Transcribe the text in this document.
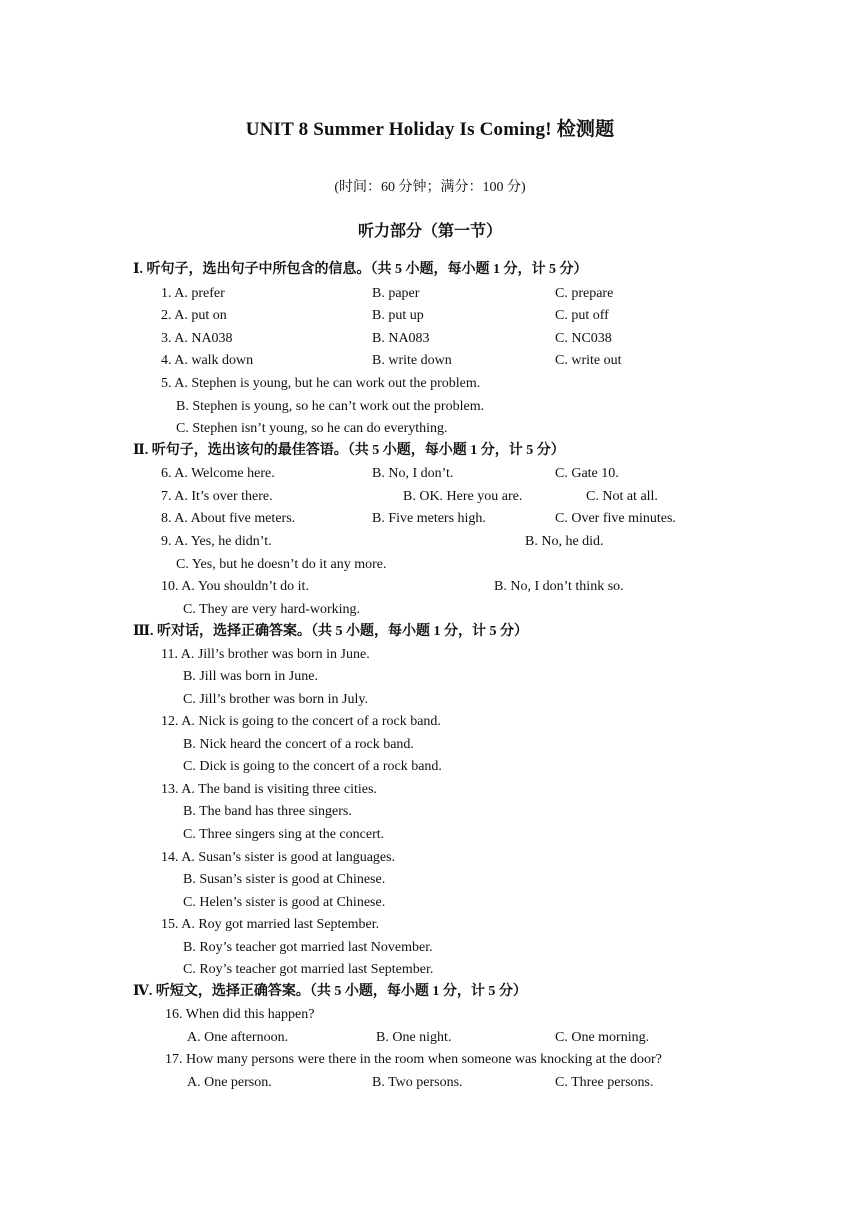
UNIT 8 Summer Holiday Is Coming! 检测题
(时间：60 分钟；满分：100 分)
听力部分（第一节）
Ⅰ. 听句子，选出句子中所包含的信息。（共 5 小题，每小题 1 分，计 5 分）
1. A. prefer	B. paper	C. prepare
2. A. put on	B. put up	C. put off
3. A. NA038	B. NA083	C. NC038
4. A. walk down	B. write down	C. write out
5. A. Stephen is young, but he can work out the problem.
B. Stephen is young, so he can’t work out the problem.
C. Stephen isn’t young, so he can do everything.
Ⅱ. 听句子，选出该句的最佳答语。（共 5 小题，每小题 1 分，计 5 分）
6. A. Welcome here.	B. No, I don’t.	C. Gate 10.
7. A. It’s over there.	B. OK. Here you are.	C. Not at all.
8. A. About five meters.	B. Five meters high.	C. Over five minutes.
9. A. Yes, he didn’t.	B. No, he did.
C. Yes, but he doesn’t do it any more.
10. A. You shouldn’t do it.	B. No, I don’t think so.
C. They are very hard-working.
Ⅲ. 听对话，选择正确答案。（共 5 小题，每小题 1 分，计 5 分）
11. A. Jill’s brother was born in June.
B. Jill was born in June.
C. Jill’s brother was born in July.
12. A. Nick is going to the concert of a rock band.
B. Nick heard the concert of a rock band.
C. Dick is going to the concert of a rock band.
13. A. The band is visiting three cities.
B. The band has three singers.
C. Three singers sing at the concert.
14. A. Susan’s sister is good at languages.
B. Susan’s sister is good at Chinese.
C. Helen’s sister is good at Chinese.
15. A. Roy got married last September.
B. Roy’s teacher got married last November.
C. Roy’s teacher got married last September.
Ⅳ. 听短文，选择正确答案。（共 5 小题，每小题 1 分，计 5 分）
16. When did this happen?
A. One afternoon.	B. One night.	C. One morning.
17. How many persons were there in the room when someone was knocking at the door?
A. One person.	B. Two persons.	C. Three persons.
